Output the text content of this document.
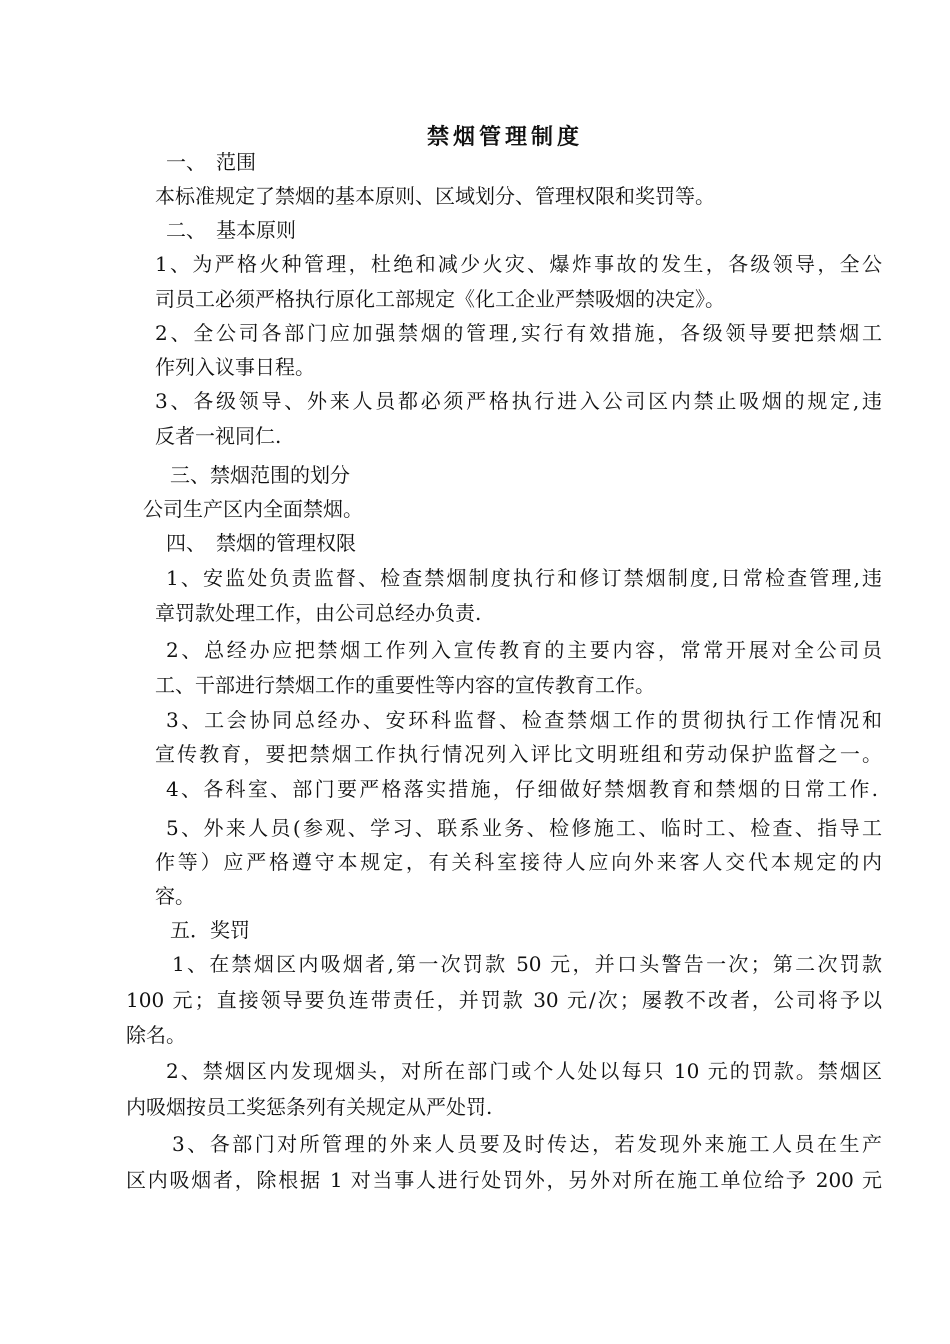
禁烟管理制度
一、　范围
本标准规定了禁烟的基本原则、区域划分、管理权限和奖罚等。
二、　基本原则
1、为严格火种管理，杜绝和减少火灾、爆炸事故的发生，各级领导，全公
司员工必须严格执行原化工部规定《化工企业严禁吸烟的决定》。
2、全公司各部门应加强禁烟的管理,实行有效措施，各级领导要把禁烟工
作列入议事日程。
3、各级领导、外来人员都必须严格执行进入公司区内禁止吸烟的规定,违
反者一视同仁.
三、禁烟范围的划分
公司生产区内全面禁烟。
四、　禁烟的管理权限
1、安监处负责监督、检查禁烟制度执行和修订禁烟制度,日常检查管理,违
章罚款处理工作，由公司总经办负责.
2、总经办应把禁烟工作列入宣传教育的主要内容，常常开展对全公司员
工、干部进行禁烟工作的重要性等内容的宣传教育工作。
3、工会协同总经办、安环科监督、检查禁烟工作的贯彻执行工作情况和
宣传教育，要把禁烟工作执行情况列入评比文明班组和劳动保护监督之一。
4、各科室、部门要严格落实措施，仔细做好禁烟教育和禁烟的日常工作.
5、外来人员(参观、学习、联系业务、检修施工、临时工、检查、指导工
作等）应严格遵守本规定，有关科室接待人应向外来客人交代本规定的内
容。
五．奖罚
1、在禁烟区内吸烟者,第一次罚款 50 元，并口头警告一次；第二次罚款
100 元；直接领导要负连带责任，并罚款 30 元/次；屡教不改者，公司将予以
除名。
2、禁烟区内发现烟头，对所在部门或个人处以每只 10 元的罚款。禁烟区
内吸烟按员工奖惩条列有关规定从严处罚.
3、各部门对所管理的外来人员要及时传达，若发现外来施工人员在生产
区内吸烟者，除根据 1 对当事人进行处罚外，另外对所在施工单位给予 200 元
